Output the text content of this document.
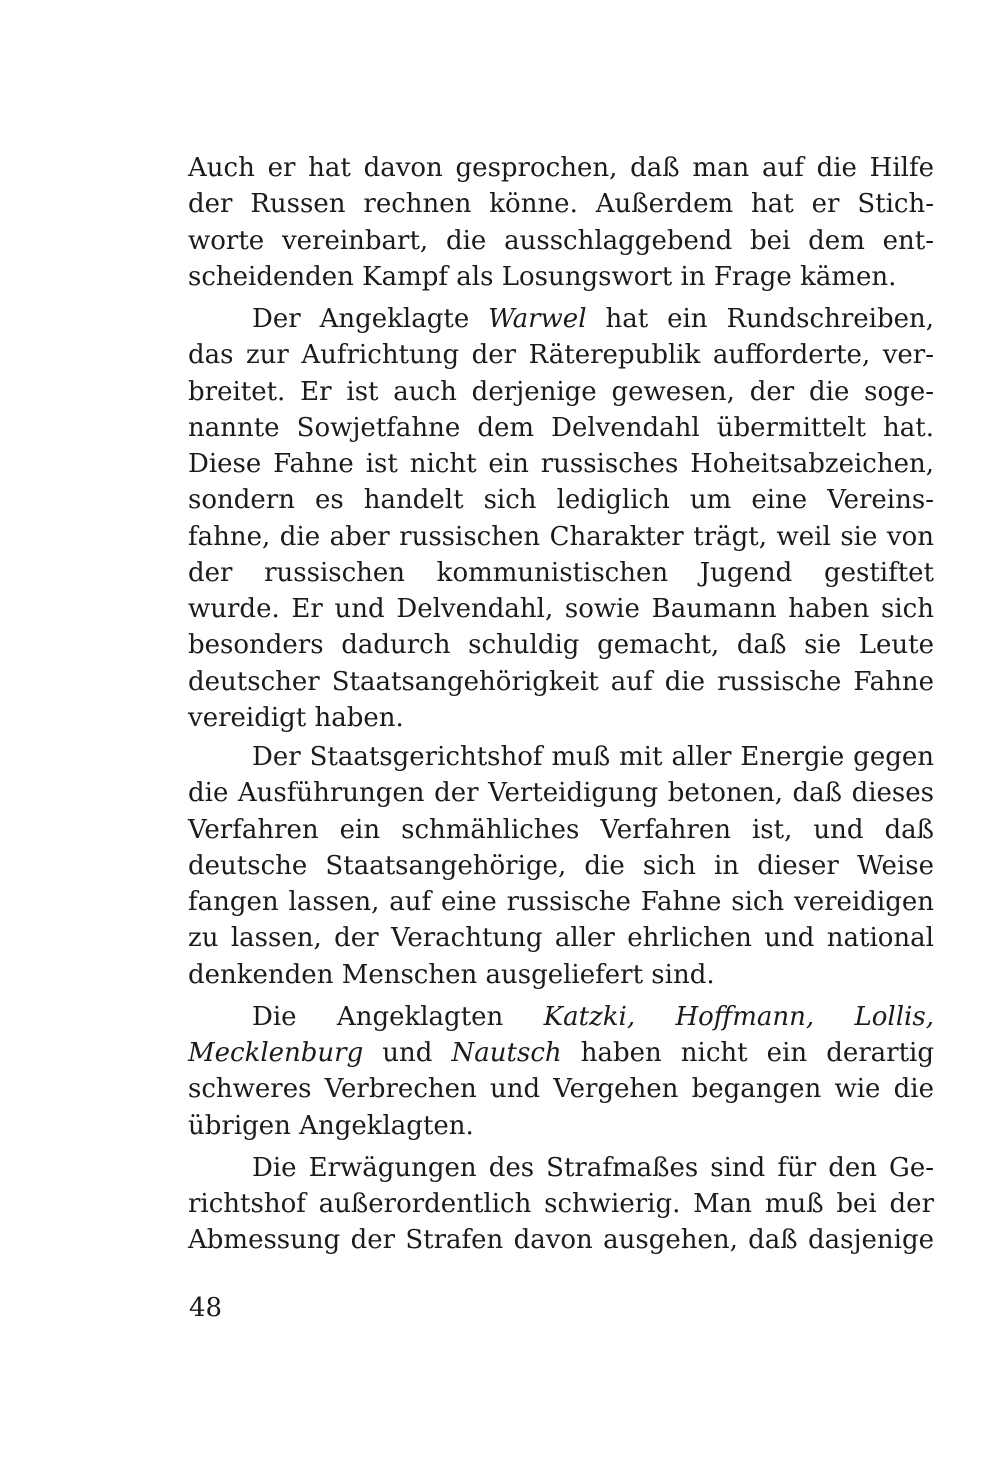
Auch er hat davon gesprochen, daß man auf die Hilfe
der Russen rechnen könne. Außerdem hat er Stich-
worte vereinbart, die ausschlaggebend bei dem ent-
scheidenden Kampf als Losungswort in Frage kämen.
Der Angeklagte Warwel hat ein Rundschreiben,
das zur Aufrichtung der Räterepublik aufforderte, ver-
breitet. Er ist auch derjenige gewesen, der die soge-
nannte Sowjetfahne dem Delvendahl übermittelt hat.
Diese Fahne ist nicht ein russisches Hoheitsabzeichen,
sondern es handelt sich lediglich um eine Vereins-
fahne, die aber russischen Charakter trägt, weil sie von
der russischen kommunistischen Jugend gestiftet
wurde. Er und Delvendahl, sowie Baumann haben sich
besonders dadurch schuldig gemacht, daß sie Leute
deutscher Staatsangehörigkeit auf die russische Fahne
vereidigt haben.
Der Staatsgerichtshof muß mit aller Energie gegen
die Ausführungen der Verteidigung betonen, daß dieses
Verfahren ein schmähliches Verfahren ist, und daß
deutsche Staatsangehörige, die sich in dieser Weise
fangen lassen, auf eine russische Fahne sich vereidigen
zu lassen, der Verachtung aller ehrlichen und national
denkenden Menschen ausgeliefert sind.
Die Angeklagten Katzki, Hoffmann, Lollis,
Mecklenburg und Nautsch haben nicht ein derartig
schweres Verbrechen und Vergehen begangen wie die
übrigen Angeklagten.
Die Erwägungen des Strafmaßes sind für den Ge-
richtshof außerordentlich schwierig. Man muß bei der
Abmessung der Strafen davon ausgehen, daß dasjenige
48
